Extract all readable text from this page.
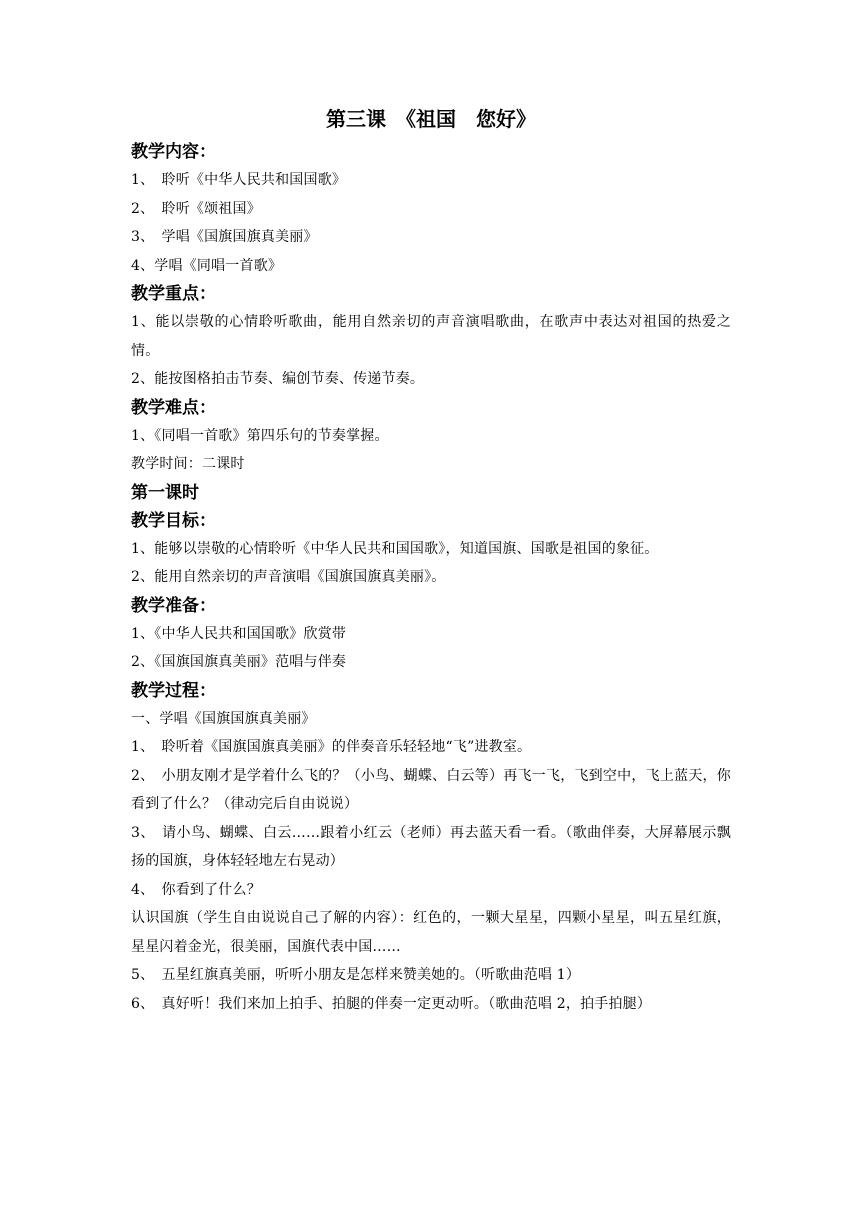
第三课　《祖国　您好》
教学内容：

1、　聆听《中华人民共和国国歌》

2、　聆听《颂祖国》

3、　学唱《国旗国旗真美丽》

4、学唱《同唱一首歌》

教学重点：

1、能以崇敬的心情聆听歌曲，能用自然亲切的声音演唱歌曲，在歌声中表达对祖国的热爱之情。

2、能按图格拍击节奏、编创节奏、传递节奏。

教学难点：

1、《同唱一首歌》第四乐句的节奏掌握。

教学时间：二课时

第一课时
教学目标：

1、能够以崇敬的心情聆听《中华人民共和国国歌》，知道国旗、国歌是祖国的象征。

2、能用自然亲切的声音演唱《国旗国旗真美丽》。

教学准备：

1、《中华人民共和国国歌》欣赏带

2、《国旗国旗真美丽》范唱与伴奏

教学过程：

一、学唱《国旗国旗真美丽》

1、　聆听着《国旗国旗真美丽》的伴奏音乐轻轻地“飞”进教室。

2、　小朋友刚才是学着什么飞的？（小鸟、蝴蝶、白云等）再飞一飞，飞到空中，飞上蓝天，你看到了什么？（律动完后自由说说）

3、　请小鸟、蝴蝶、白云……跟着小红云（老师）再去蓝天看一看。（歌曲伴奏，大屏幕展示飘扬的国旗，身体轻轻地左右晃动）

4、　你看到了什么？

认识国旗（学生自由说说自己了解的内容）：红色的，一颗大星星，四颗小星星，叫五星红旗，星星闪着金光，很美丽，国旗代表中国……

5、　五星红旗真美丽，听听小朋友是怎样来赞美她的。（听歌曲范唱 1）

6、　真好听！我们来加上拍手、拍腿的伴奏一定更动听。（歌曲范唱 2，拍手拍腿）
